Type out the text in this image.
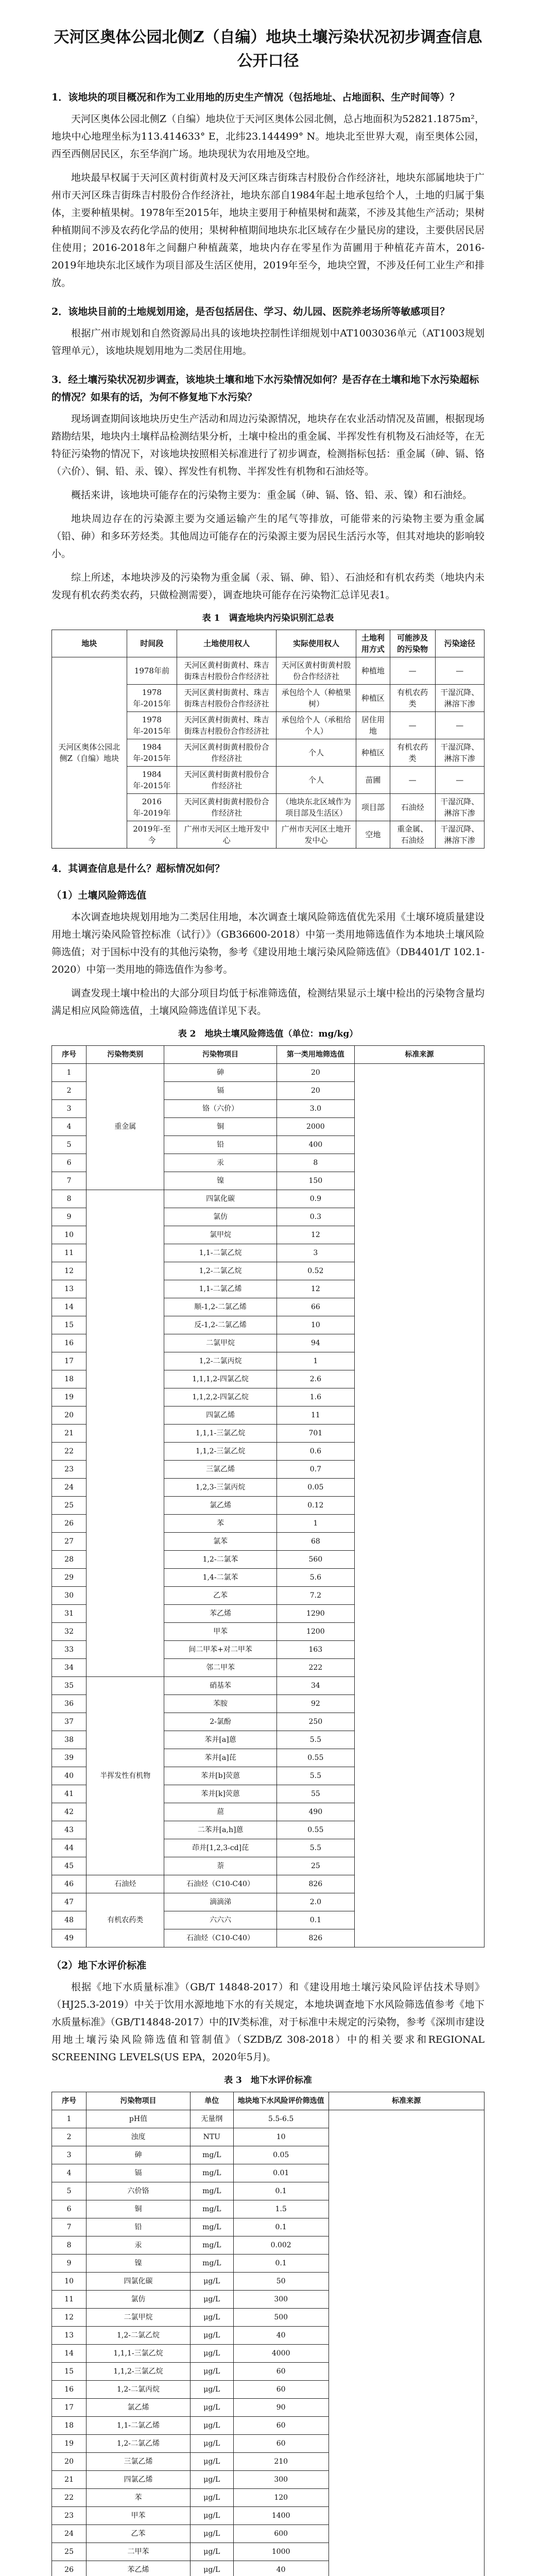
天河区奥体公园北侧Z（自编）地块土壤污染状况初步调查信息公开口径
1．该地块的项目概况和作为工业用地的历史生产情况（包括地址、占地面积、生产时间等）？

天河区奥体公园北侧Z（自编）地块位于天河区奥体公园北侧，总占地面积为52821.1875m²，地块中心地理坐标为113.414633° E，北纬23.144499° N。地块北至世界大观，南至奥体公园，西至西侧居民区，东至华润广场。地块现状为农用地及空地。

地块最早权属于天河区黄村街黄村及天河区珠吉街珠吉村股份合作经济社，地块东部属地块于广州市天河区珠吉街珠吉村股份合作经济社，地块东部自1984年起土地承包给个人，土地的归属于集体，主要种植果树。1978年至2015年，地块主要用于种植果树和蔬菜，不涉及其他生产活动；果树种植期间不涉及农药化学品的使用；果树种植期间地块东北区域存在少量民房的建设，主要供居民居住使用；2016-2018年之间翻户种植蔬菜，地块内存在零星作为苗圃用于种植花卉苗木，2016-2019年地块东北区域作为项目部及生活区使用，2019年至今，地块空置，不涉及任何工业生产和排放。

2．该地块目前的土地规划用途，是否包括居住、学习、幼儿园、医院养老场所等敏感项目？

根据广州市规划和自然资源局出具的该地块控制性详细规划中AT1003036单元（AT1003规划管理单元），该地块规划用地为二类居住用地。

3．经土壤污染状况初步调查，该地块土壤和地下水污染情况如何？是否存在土壤和地下水污染超标的情况？如果有的话，为何不修复地下水污染？

现场调查期间该地块历史生产活动和周边污染源情况，地块存在农业活动情况及苗圃，根据现场踏勘结果，地块内土壤样品检测结果分析，土壤中检出的重金属、半挥发性有机物及石油烃等，在无特征污染物的情况下，对该地块按照相关标准进行了初步调查，检测指标包括：重金属（砷、镉、铬（六价）、铜、铅、汞、镍）、挥发性有机物、半挥发性有机物和石油烃等。

概括来讲，该地块可能存在的污染物主要为：重金属（砷、镉、铬、铅、汞、镍）和石油烃。

地块周边存在的污染源主要为交通运输产生的尾气等排放，可能带来的污染物主要为重金属（铅、砷）和多环芳烃类。其他周边可能存在的污染源主要为居民生活污水等，但其对地块的影响较小。

综上所述，本地块涉及的污染物为重金属（汞、镉、砷、铅）、石油烃和有机农药类（地块内未发现有机农药类农药，只做检测需要），调查地块可能存在污染物汇总详见表1。

表 1　调查地块内污染识别汇总表
地块	时间段	土地使用权人	实际使用权人	土地利用方式	可能涉及的污染物	污染途径
天河区奥体公园北侧Z（自编）地块	1978年前	天河区黄村街黄村、珠吉街珠吉村股份合作经济社	天河区黄村街黄村股份合作经济社	种植地	—	—
	1978年-2015年	天河区黄村街黄村、珠吉街珠吉村股份合作经济社	承包给个人（种植果树）	种植区	有机农药类	干湿沉降、淋溶下渗
	1978年-2015年	天河区黄村街黄村、珠吉街珠吉村股份合作经济社	承包给个人（承租给个人）	居住用地	—	—
	1984年-2015年	天河区黄村街黄村股份合作经济社	个人	种植区	有机农药类	干湿沉降、淋溶下渗
	1984年-2015年	天河区黄村街黄村股份合作经济社	个人	苗圃	—	—
	2016年-2019年	天河区黄村街黄村股份合作经济社	（地块东北区域作为项目部及生活区）	项目部	石油烃	干湿沉降、淋溶下渗
	2019年-至今	广州市天河区土地开发中心	广州市天河区土地开发中心	空地	重金属、石油烃	干湿沉降、淋溶下渗
4．其调查信息是什么？超标情况如何？
（1）土壤风险筛选值

本次调查地块规划用地为二类居住用地，本次调查土壤风险筛选值优先采用《土壤环境质量建设用地土壤污染风险管控标准（试行）》（GB36600-2018）中第一类用地筛选值作为本地块土壤风险筛选值；对于国标中没有的其他污染物，参考《建设用地土壤污染风险筛选值》（DB4401/T 102.1-2020）中第一类用地的筛选值作为参考。

调查发现土壤中检出的大部分项目均低于标准筛选值，检测结果显示土壤中检出的污染物含量均满足相应风险筛选值，土壤风险筛选值详见下表。

表 2　地块土壤风险筛选值（单位：mg/kg）
序号	污染物类别	污染物项目	第一类用地筛选值	标准来源
1	重金属	砷	20	
2		镉	20	
3		铬（六价）	3.0	
4		铜	2000	
5		铅	400	
6		汞	8	
7		镍	150	
8		四氯化碳	0.9	
9		氯仿	0.3	
10		氯甲烷	12	
11		1,1-二氯乙烷	3	
12		1,2-二氯乙烷	0.52	
13		1,1-二氯乙烯	12	
14		顺-1,2-二氯乙烯	66	
15		反-1,2-二氯乙烯	10	
16		二氯甲烷	94	
17		1,2-二氯丙烷	1	
18		1,1,1,2-四氯乙烷	2.6	
19		1,1,2,2-四氯乙烷	1.6	
20		四氯乙烯	11	
21		1,1,1-三氯乙烷	701	
22		1,1,2-三氯乙烷	0.6	
23		三氯乙烯	0.7	
24		1,2,3-三氯丙烷	0.05	
25		氯乙烯	0.12	
26		苯	1	
27		氯苯	68	
28		1,2-二氯苯	560	
29		1,4-二氯苯	5.6	
30		乙苯	7.2	
31		苯乙烯	1290	
32		甲苯	1200	
33		间二甲苯+对二甲苯	163	
34		邻二甲苯	222	
35	半挥发性有机物	硝基苯	34	
36		苯胺	92	
37		2-氯酚	250	
38		苯并[a]蒽	5.5	
39		苯并[a]芘	0.55	
40		苯并[b]荧蒽	5.5	
41		苯并[k]荧蒽	55	
42		䓛	490	
43		二苯并[a,h]蒽	0.55	
44		茚并[1,2,3-cd]芘	5.5	
45		萘	25	
46	石油烃	石油烃（C10-C40）	826	
47	有机农药类	滴滴涕	2.0	
48		六六六	0.1	
49		石油烃（C10-C40）	826	
（2）地下水评价标准

根据《地下水质量标准》（GB/T 14848-2017）和《建设用地土壤污染风险评估技术导则》（HJ25.3-2019）中关于饮用水源地地下水的有关规定，本地块调查地下水风险筛选值参考《地下水质量标准》（GB/T14848-2017）中的IV类标准，对于标准中未规定的污染物，参考《深圳市建设用地土壤污染风险筛选值和管制值》（SZDB/Z 308-2018）中的相关要求和REGIONAL SCREENING LEVELS(US EPA，2020年5月)。

表 3　地下水评价标准
序号	污染物项目	单位	地块地下水风险评价筛选值	标准来源
1	pH值	无量纲	5.5-6.5	
2	浊度	NTU	10	
3	砷	mg/L	0.05	
4	镉	mg/L	0.01	
5	六价铬	mg/L	0.1	
6	铜	mg/L	1.5	
7	铅	mg/L	0.1	
8	汞	mg/L	0.002	
9	镍	mg/L	0.1	
10	四氯化碳	μg/L	50	
11	氯仿	μg/L	300	
12	二氯甲烷	μg/L	500	
13	1,2-二氯乙烷	μg/L	40	
14	1,1,1-三氯乙烷	μg/L	4000	
15	1,1,2-三氯乙烷	μg/L	60	
16	1,2-二氯丙烷	μg/L	60	
17	氯乙烯	μg/L	90	
18	1,1-二氯乙烯	μg/L	60	
19	1,2-二氯乙烯	μg/L	60	
20	三氯乙烯	μg/L	210	
21	四氯乙烯	μg/L	300	
22	苯	μg/L	120	
23	甲苯	μg/L	1400	
24	乙苯	μg/L	600	
25	二甲苯	μg/L	1000	
26	苯乙烯	μg/L	40	
